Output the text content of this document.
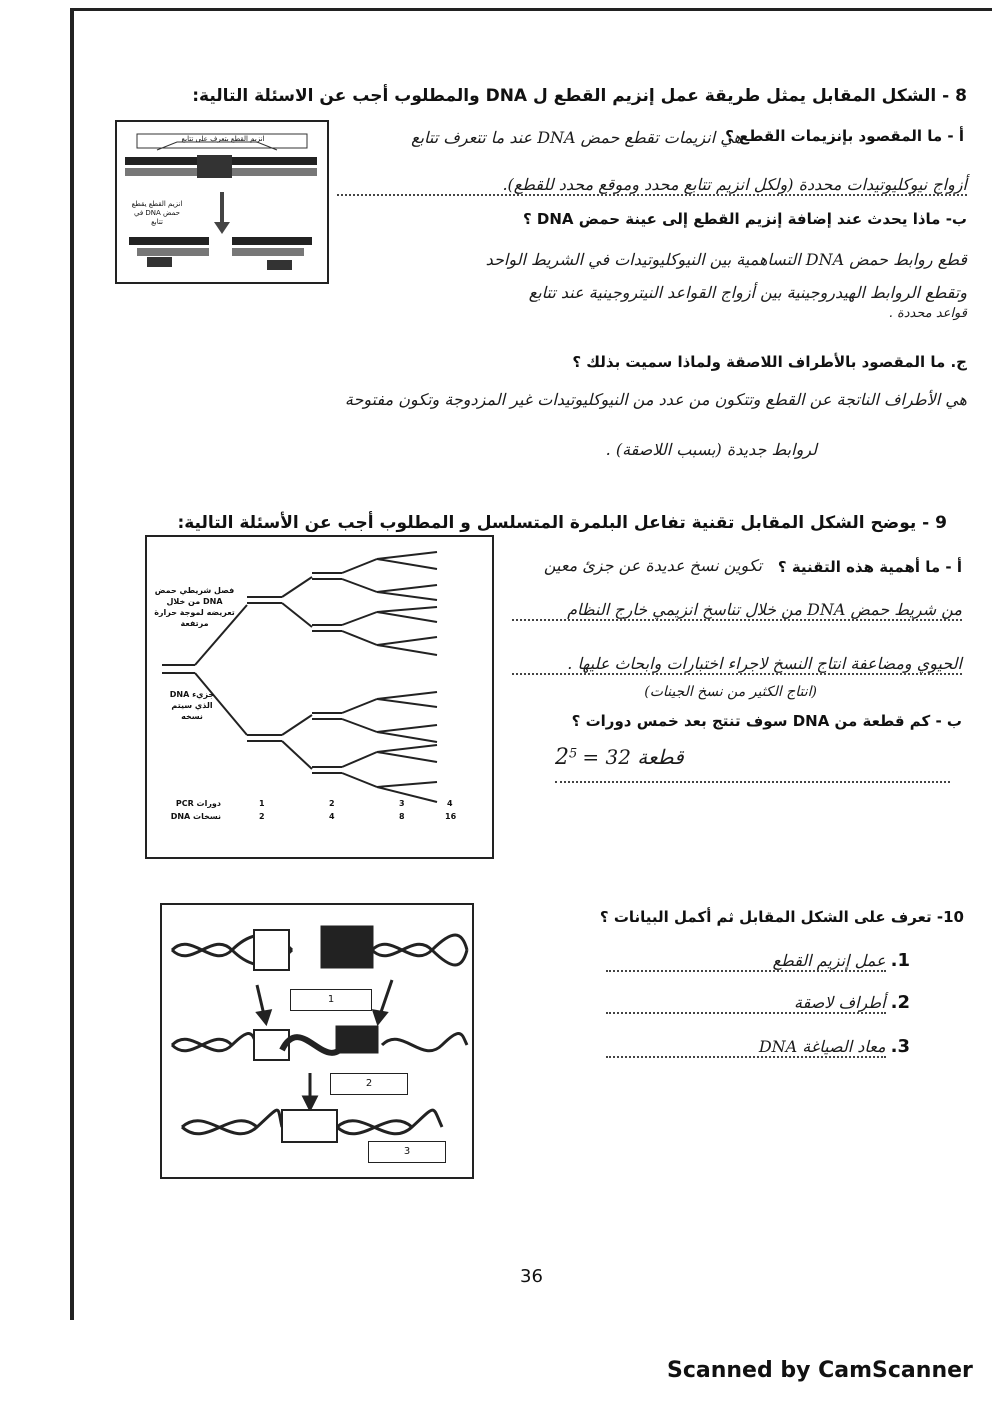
8 - الشكل المقابل يمثل طريقة عمل إنزيم القطع ل DNA والمطلوب أجب عن الاسئلة التالية:
انزيم القطع يتعرف على تتابع
انزيم القطع يقطع حمض DNA في تتابع
أ - ما المقصود بإنزيمات القطع ؟
هي انزيمات تقطع حمض DNA عند ما تتعرف تتابع
أزواج نيوكليوتيدات محددة (ولكل انزيم تتابع محدد وموقع محدد للقطع).
ب- ماذا يحدث عند إضافة إنزيم القطع إلى عينة حمض DNA ؟
قطع روابط حمض DNA التساهمية بين النيوكليوتيدات في الشريط الواحد
وتقطع الروابط الهيدروجينية بين أزواج القواعد النيتروجينية عند تتابع
قواعد محددة .
ج. ما المقصود بالأطراف اللاصقة ولماذا سميت بذلك ؟
هي الأطراف الناتجة عن القطع وتتكون من عدد من النيوكليوتيدات غير المزدوجة وتكون مفتوحة
لروابط جديدة (بسبب اللاصقة) .
9 - يوضح الشكل المقابل تقنية تفاعل البلمرة المتسلسل و المطلوب أجب عن الأسئلة التالية:
فصل شريطي حمض DNA من خلال تعريضه لموجة حرارة مرتفعة
جزيء DNA الذي سيتم نسخه
دورات PCR
نسخات DNA
1	2	3	4
2	4	8	16
أ - ما أهمية هذه التقنية ؟
تكوين نسخ عديدة عن جزئ معين
من شريط حمض DNA من خلال تناسخ انزيمي خارج النظام
الحيوي ومضاعفة انتاج النسخ لاجراء اختبارات وابحاث عليها .
(انتاج الكثير من نسخ الجينات)
ب - كم قطعة من DNA سوف تنتج بعد خمس دورات ؟
$2^5 = 32$ قطعة
1
2
3
10- تعرف على الشكل المقابل ثم أكمل البيانات ؟
1. عمل إنزيم القطع
2. أطراف لاصقة
3. معاد الصياغة DNA
36
Scanned by CamScanner
